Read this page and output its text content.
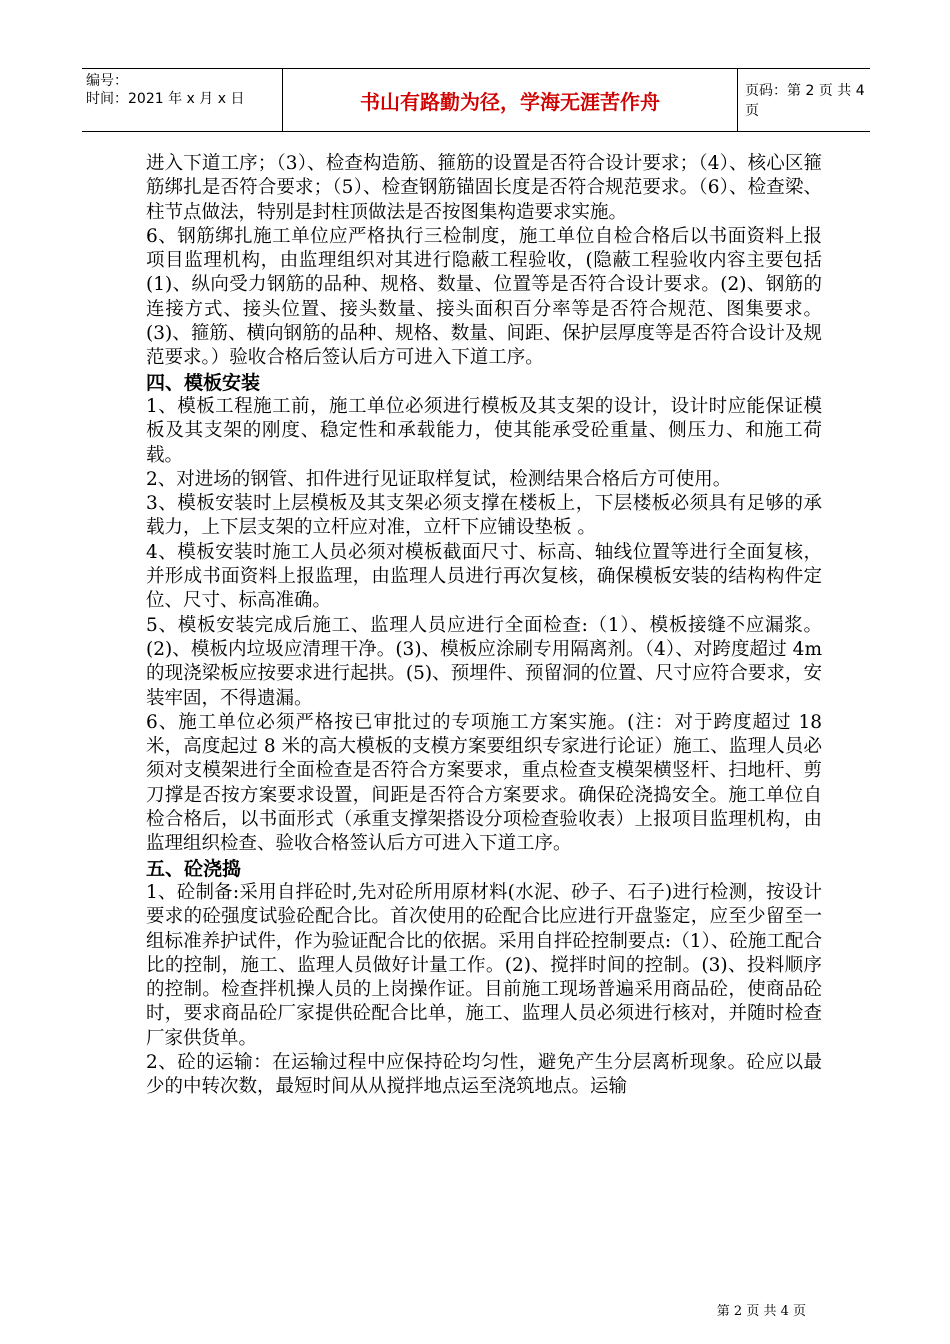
编号：
时间：2021 年 x 月 x 日	书山有路勤为径，学海无涯苦作舟	页码：第 2 页 共 4 页

进入下道工序；（3）、检查构造筋、箍筋的设置是否符合设计要求；（4）、核心区箍筋绑扎是否符合要求；（5）、检查钢筋锚固长度是否符合规范要求。（6）、检查梁、柱节点做法，特别是封柱顶做法是否按图集构造要求实施。

6、钢筋绑扎施工单位应严格执行三检制度，施工单位自检合格后以书面资料上报项目监理机构，由监理组织对其进行隐蔽工程验收，(隐蔽工程验收内容主要包括(1)、纵向受力钢筋的品种、规格、数量、位置等是否符合设计要求。(2)、钢筋的连接方式、接头位置、接头数量、接头面积百分率等是否符合规范、图集要求。(3)、箍筋、横向钢筋的品种、规格、数量、间距、保护层厚度等是否符合设计及规范要求。）验收合格后签认后方可进入下道工序。

四、模板安装

1、模板工程施工前，施工单位必须进行模板及其支架的设计，设计时应能保证模板及其支架的刚度、稳定性和承载能力，使其能承受砼重量、侧压力、和施工荷载。

2、对进场的钢管、扣件进行见证取样复试，检测结果合格后方可使用。

3、模板安装时上层模板及其支架必须支撑在楼板上，下层楼板必须具有足够的承载力，上下层支架的立杆应对准，立杆下应铺设垫板 。

4、模板安装时施工人员必须对模板截面尺寸、标高、轴线位置等进行全面复核，并形成书面资料上报监理，由监理人员进行再次复核，确保模板安装的结构构件定位、尺寸、标高准确。

5、模板安装完成后施工、监理人员应进行全面检查:（1）、模板接缝不应漏浆。(2)、模板内垃圾应清理干净。(3)、模板应涂刷专用隔离剂。（4）、对跨度超过 4m 的现浇梁板应按要求进行起拱。(5)、预埋件、预留洞的位置、尺寸应符合要求，安装牢固，不得遗漏。

6、施工单位必须严格按已审批过的专项施工方案实施。(注：对于跨度超过 18 米，高度起过 8 米的高大模板的支模方案要组织专家进行论证）施工、监理人员必须对支模架进行全面检查是否符合方案要求，重点检查支模架横竖杆、扫地杆、剪刀撑是否按方案要求设置，间距是否符合方案要求。确保砼浇捣安全。施工单位自检合格后，以书面形式（承重支撑架搭设分项检查验收表）上报项目监理机构，由监理组织检查、验收合格签认后方可进入下道工序。

五、砼浇捣

1、砼制备:采用自拌砼时,先对砼所用原材料(水泥、砂子、石子)进行检测，按设计要求的砼强度试验砼配合比。首次使用的砼配合比应进行开盘鉴定，应至少留至一组标准养护试件，作为验证配合比的依据。采用自拌砼控制要点:（1）、砼施工配合比的控制，施工、监理人员做好计量工作。(2)、搅拌时间的控制。(3)、投料顺序的控制。检查拌机操人员的上岗操作证。目前施工现场普遍采用商品砼，使商品砼时，要求商品砼厂家提供砼配合比单，施工、监理人员必须进行核对，并随时检查厂家供货单。

2、砼的运输：在运输过程中应保持砼均匀性，避免产生分层离析现象。砼应以最少的中转次数，最短时间从从搅拌地点运至浇筑地点。运输

第 2 页 共 4 页
